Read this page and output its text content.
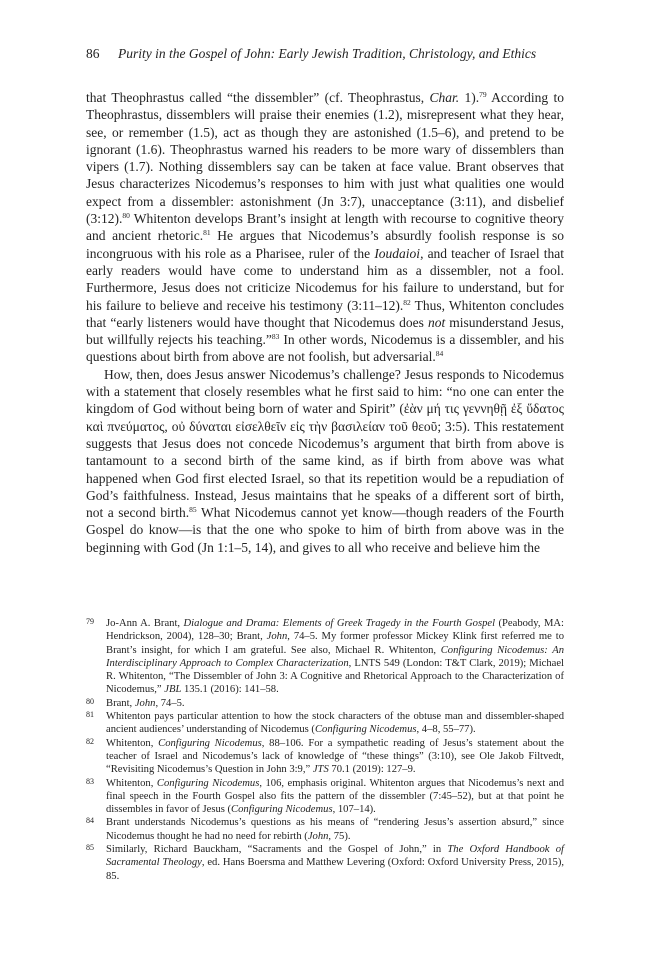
86 Purity in the Gospel of John: Early Jewish Tradition, Christology, and Ethics

that Theophrastus called “the dissembler” (cf. Theophrastus, Char. 1).$^{79}$ According to Theophrastus, dissemblers will praise their enemies (1.2), misrepresent what they hear, see, or remember (1.5), act as though they are astonished (1.5–6), and pretend to be ignorant (1.6). Theophrastus warned his readers to be more wary of dissemblers than vipers (1.7). Nothing dissemblers say can be taken at face value. Brant observes that Jesus characterizes Nicodemus’s responses to him with just what qualities one would expect from a dissembler: astonishment (Jn 3:7), unacceptance (3:11), and disbelief (3:12).$^{80}$ Whitenton develops Brant’s insight at length with recourse to cognitive theory and ancient rhetoric.$^{81}$ He argues that Nicodemus’s absurdly foolish response is so incongruous with his role as a Pharisee, ruler of the Ioudaioi, and teacher of Israel that early readers would have come to understand him as a dissembler, not a fool. Furthermore, Jesus does not criticize Nicodemus for his failure to understand, but for his failure to believe and receive his testimony (3:11–12).$^{82}$ Thus, Whitenton concludes that “early listeners would have thought that Nicodemus does not misunderstand Jesus, but willfully rejects his teaching.”$^{83}$ In other words, Nicodemus is a dissembler, and his questions about birth from above are not foolish, but adversarial.$^{84}$

How, then, does Jesus answer Nicodemus’s challenge? Jesus responds to Nicodemus with a statement that closely resembles what he first said to him: “no one can enter the kingdom of God without being born of water and Spirit” (ἐὰν μή τις γεννηθῇ ἐξ ὕδατος καὶ πνεύματος, οὐ δύναται εἰσελθεῖν εἰς τὴν βασιλείαν τοῦ θεοῦ; 3:5). This restatement suggests that Jesus does not concede Nicodemus’s argument that birth from above is tantamount to a second birth of the same kind, as if birth from above was what happened when God first elected Israel, so that its repetition would be a repudiation of God’s faithfulness. Instead, Jesus maintains that he speaks of a different sort of birth, not a second birth.$^{85}$ What Nicodemus cannot yet know—though readers of the Fourth Gospel do know—is that the one who spoke to him of birth from above was in the beginning with God (Jn 1:1–5, 14), and gives to all who receive and believe him the

79 Jo-Ann A. Brant, Dialogue and Drama: Elements of Greek Tragedy in the Fourth Gospel (Peabody, MA: Hendrickson, 2004), 128–30; Brant, John, 74–5. My former professor Mickey Klink first referred me to Brant’s insight, for which I am grateful. See also, Michael R. Whitenton, Configuring Nicodemus: An Interdisciplinary Approach to Complex Characterization, LNTS 549 (London: T&T Clark, 2019); Michael R. Whitenton, “The Dissembler of John 3: A Cognitive and Rhetorical Approach to the Characterization of Nicodemus,” JBL 135.1 (2016): 141–58.
80 Brant, John, 74–5.
81 Whitenton pays particular attention to how the stock characters of the obtuse man and dissembler-shaped ancient audiences’ understanding of Nicodemus (Configuring Nicodemus, 4–8, 55–77).
82 Whitenton, Configuring Nicodemus, 88–106. For a sympathetic reading of Jesus’s statement about the teacher of Israel and Nicodemus’s lack of knowledge of “these things” (3:10), see Ole Jakob Filtvedt, “Revisiting Nicodemus’s Question in John 3:9,” JTS 70.1 (2019): 127–9.
83 Whitenton, Configuring Nicodemus, 106, emphasis original. Whitenton argues that Nicodemus’s next and final speech in the Fourth Gospel also fits the pattern of the dissembler (7:45–52), but at that point he dissembles in favor of Jesus (Configuring Nicodemus, 107–14).
84 Brant understands Nicodemus’s questions as his means of “rendering Jesus’s assertion absurd,” since Nicodemus thought he had no need for rebirth (John, 75).
85 Similarly, Richard Bauckham, “Sacraments and the Gospel of John,” in The Oxford Handbook of Sacramental Theology, ed. Hans Boersma and Matthew Levering (Oxford: Oxford University Press, 2015), 85.
